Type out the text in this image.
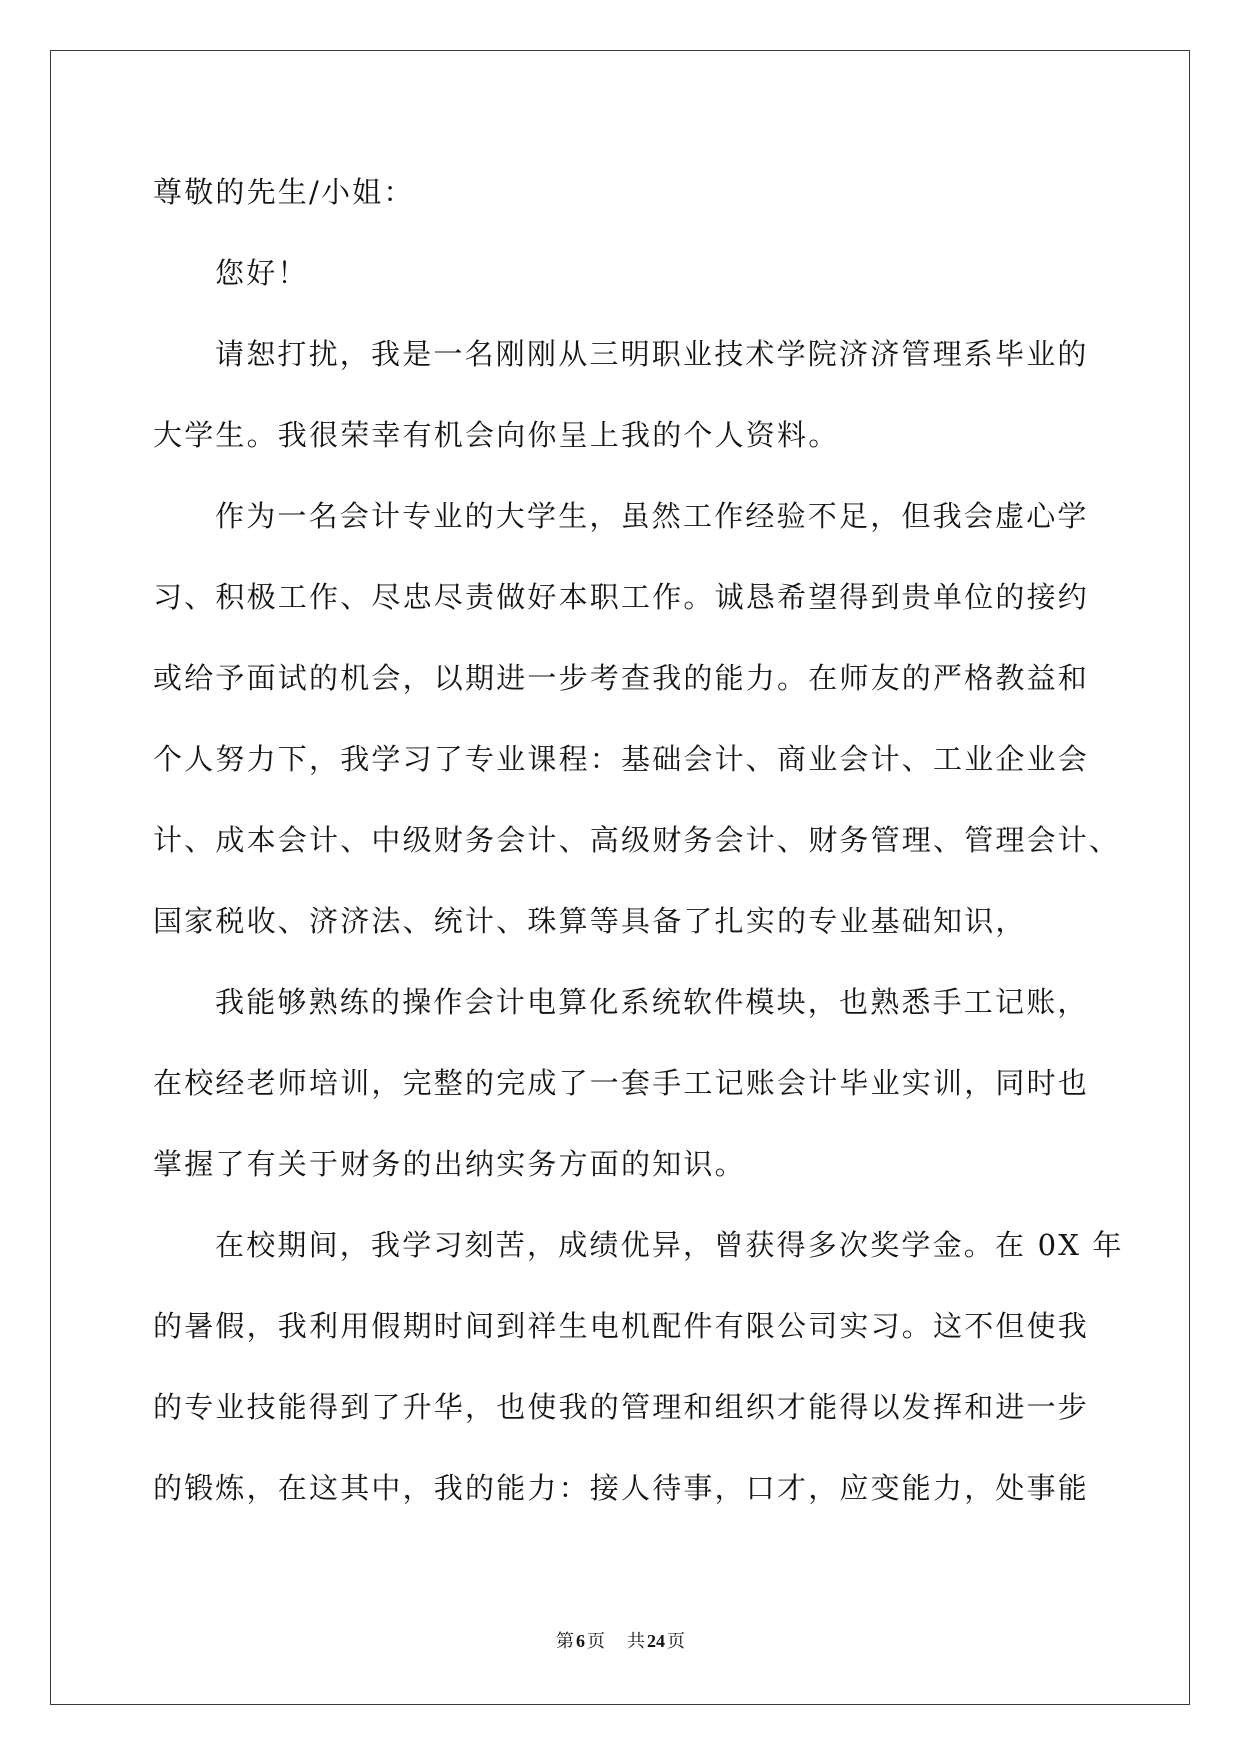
尊敬的先生/小姐：
您好！
请恕打扰，我是一名刚刚从三明职业技术学院济济管理系毕业的
大学生。我很荣幸有机会向你呈上我的个人资料。
作为一名会计专业的大学生，虽然工作经验不足，但我会虚心学
习、积极工作、尽忠尽责做好本职工作。诚恳希望得到贵单位的接约
或给予面试的机会，以期进一步考查我的能力。在师友的严格教益和
个人努力下，我学习了专业课程：基础会计、商业会计、工业企业会
计、成本会计、中级财务会计、高级财务会计、财务管理、管理会计、
国家税收、济济法、统计、珠算等具备了扎实的专业基础知识，
我能够熟练的操作会计电算化系统软件模块，也熟悉手工记账，
在校经老师培训，完整的完成了一套手工记账会计毕业实训，同时也
掌握了有关于财务的出纳实务方面的知识。
在校期间，我学习刻苦，成绩优异，曾获得多次奖学金。在 0X 年
的暑假，我利用假期时间到祥生电机配件有限公司实习。这不但使我
的专业技能得到了升华，也使我的管理和组织才能得以发挥和进一步
的锻炼，在这其中，我的能力：接人待事，口才，应变能力，处事能
第 6 页 共 24 页
